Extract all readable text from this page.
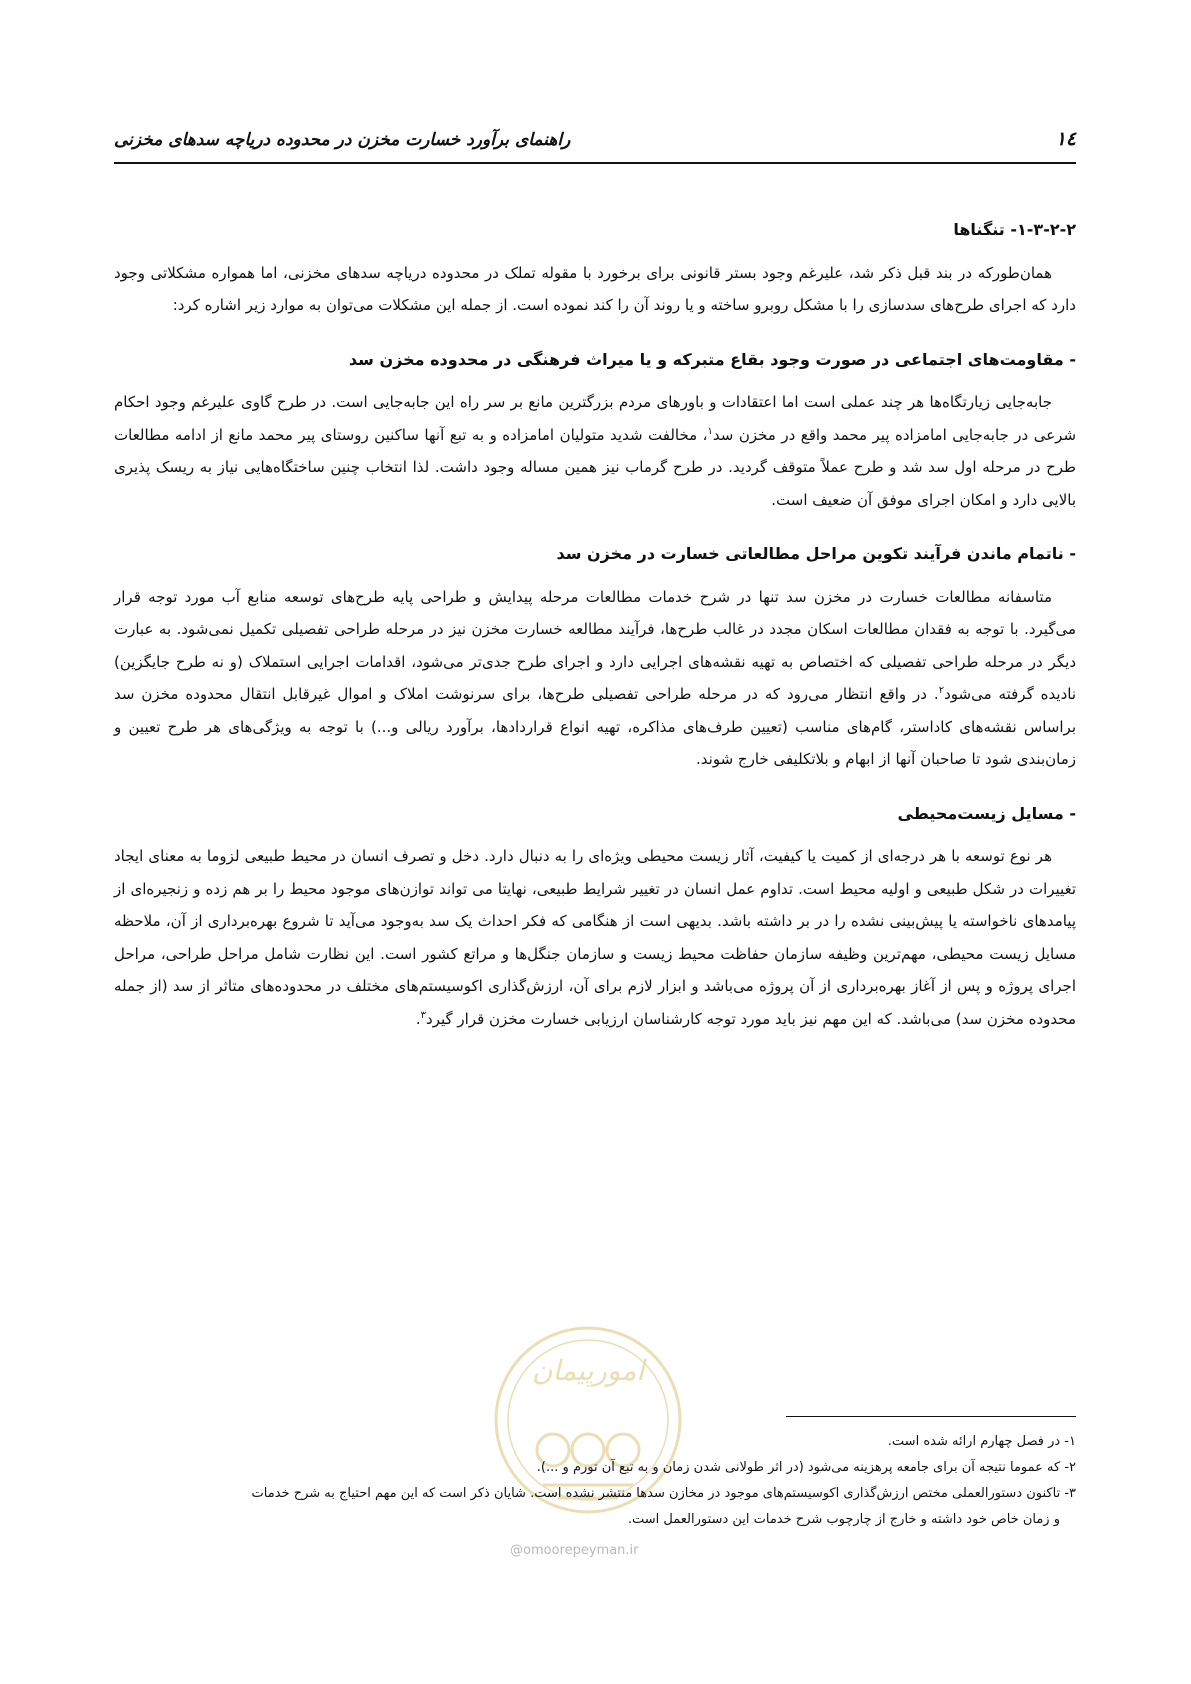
۱٤
راهنمای برآورد خسارت مخزن در محدوده دریاچه سدهای مخزنی

۱-۳-۲-۲- تنگناها

همان‌طورکه در بند قبل ذکر شد، علیرغم وجود بستر قانونی برای برخورد با مقوله تملک در محدوده دریاچه سدهای مخزنی، اما همواره مشکلاتی وجود دارد که اجرای طرح‌های سدسازی را با مشکل روبرو ساخته و یا روند آن را کند نموده است. از جمله این مشکلات می‌توان به موارد زیر اشاره کرد:

- مقاومت‌های اجتماعی در صورت وجود بقاع متبرکه و یا میراث فرهنگی در محدوده مخزن سد

جابه‌جایی زیارتگاه‌ها هر چند عملی است اما اعتقادات و باورهای مردم بزرگترین مانع بر سر راه این جابه‌جایی است. در طرح گاوی علیرغم وجود احکام شرعی در جابه‌جایی امامزاده پیر محمد واقع در مخزن سد$^۱$، مخالفت شدید متولیان امامزاده و به تبع آنها ساکنین روستای پیر محمد مانع از ادامه مطالعات طرح در مرحله اول سد شد و طرح عملاً متوقف گردید. در طرح گرماب نیز همین مساله وجود داشت. لذا انتخاب چنین ساختگاه‌هایی نیاز به ریسک پذیری بالایی دارد و امکان اجرای موفق آن ضعیف است.

- ناتمام ماندن فرآیند تکوین مراحل مطالعاتی خسارت در مخزن سد

متاسفانه مطالعات خسارت در مخزن سد تنها در شرح خدمات مطالعات مرحله پیدایش و طراحی پایه طرح‌های توسعه منابع آب مورد توجه قرار می‌گیرد. با توجه به فقدان مطالعات اسکان مجدد در غالب طرح‌ها، فرآیند مطالعه خسارت مخزن نیز در مرحله طراحی تفصیلی تکمیل نمی‌شود. به عبارت دیگر در مرحله طراحی تفصیلی که اختصاص به تهیه نقشه‌های اجرایی دارد و اجرای طرح جدی‌تر می‌شود، اقدامات اجرایی استملاک (و نه طرح جایگزین) نادیده گرفته می‌شود$^۲$. در واقع انتظار می‌رود که در مرحله طراحی تفصیلی طرح‌ها، برای سرنوشت املاک و اموال غیرقابل انتقال محدوده مخزن سد براساس نقشه‌های کاداستر، گام‌های مناسب (تعیین طرف‌های مذاکره، تهیه انواع قراردادها، برآورد ریالی و...) با توجه به ویژگی‌های هر طرح تعیین و زمان‌بندی شود تا صاحبان آنها از ابهام و بلاتکلیفی خارج شوند.

- مسایل زیست‌محیطی

هر نوع توسعه با هر درجه‌ای از کمیت یا کیفیت، آثار زیست محیطی ویژه‌ای را به دنبال دارد. دخل و تصرف انسان در محیط طبیعی لزوما به معنای ایجاد تغییرات در شکل طبیعی و اولیه محیط است. تداوم عمل انسان در تغییر شرایط طبیعی، نهایتا می تواند توازن‌های موجود محیط را بر هم زده و زنجیره‌ای از پیامدهای ناخواسته یا پیش‌بینی نشده را در بر داشته باشد. بدیهی است از هنگامی که فکر احداث یک سد به‌وجود می‌آید تا شروع بهره‌برداری از آن، ملاحظه مسایل زیست محیطی، مهم‌ترین وظیفه سازمان حفاظت محیط زیست و سازمان جنگل‌ها و مراتع کشور است. این نظارت شامل مراحل طراحی، مراحل اجرای پروژه و پس از آغاز بهره‌برداری از آن پروژه می‌باشد و ابزار لازم برای آن، ارزش‌گذاری اکوسیستم‌های مختلف در محدوده‌های متاثر از سد (از جمله محدوده مخزن سد) می‌باشد. که این مهم نیز باید مورد توجه کارشناسان ارزیابی خسارت مخزن قرار گیرد$^۳$.

امورپیمان
@omoorepeyman.ir

۱- در فصل چهارم ارائه شده است.

۲- که عموما نتیجه آن برای جامعه پرهزینه می‌شود (در اثر طولانی شدن زمان و به تبع آن تورم و ...).

۳- تاکنون دستورالعملی مختص ارزش‌گذاری اکوسیستم‌های موجود در مخازن سدها منتشر نشده است. شایان ذکر است که این مهم احتیاج به شرح خدمات

و زمان خاص خود داشته و خارج از چارچوب شرح خدمات این دستورالعمل است.
